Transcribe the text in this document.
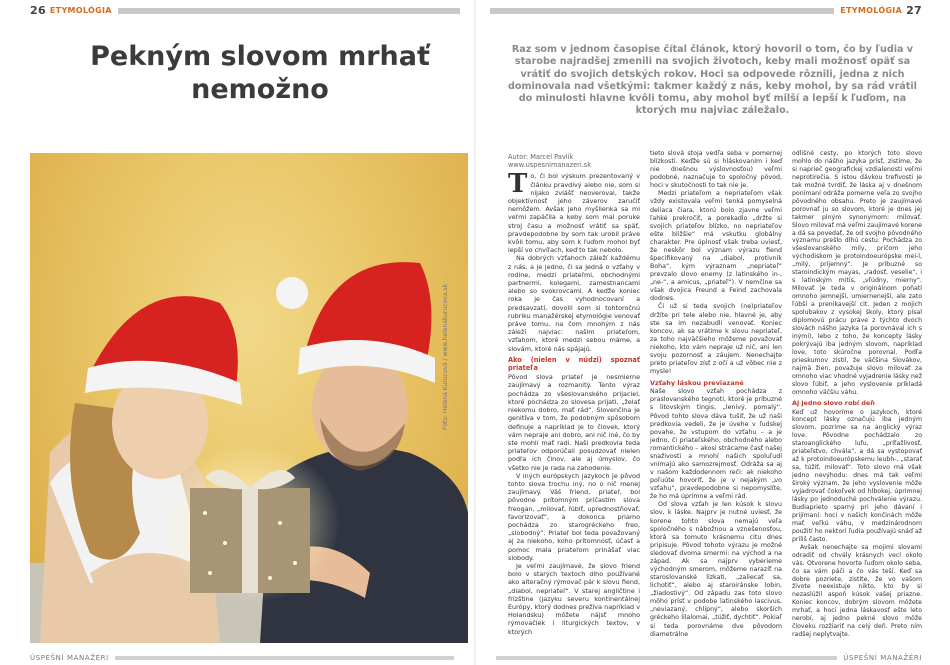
26 ETYMOLÓGIA	ETYMOLÓGIA 27
Pekným slovom mrhať
nemožno
Raz som v jednom časopise čítal článok, ktorý hovoril o tom, čo by ľudia v starobe najradšej zmenili na svojich životoch, keby mali možnosť opäť sa vrátiť do svojich detských rokov. Hoci sa odpovede rôznili, jedna z nich dominovala nad všetkými: takmer každý z nás, keby mohol, by sa rád vrátil do minulosti hlavne kvôli tomu, aby mohol byť milší a lepší k ľuďom, na ktorých mu najviac záležalo.
Foto: Helena Kurucová / www.helenakurucova.sk
Autor: Marcel Pavlík
www.uspesnimanazeri.sk

To, či bol výskum prezentovaný v článku pravdivý alebo nie, som si nijako zvlášť neoveroval, takže objektívnosť jeho záverov zaručiť nemôžem. Avšak jeho myšlienka sa mi veľmi zapáčila a keby som mal poruke stroj času a možnosť vrátiť sa späť, pravdepodobne by som tak urobil práve kvôli tomu, aby som k ľuďom mohol byť lepší vo chvíľach, keď to tak nebolo.

Na dobrých vzťahoch záleží každému z nás, a je jedno, či sa jedná o vzťahy v rodine, medzi priateľmi, obchodnými partnermi, kolegami, zamestnancami alebo so svokrovcami. A keďže koniec roka je čas vyhodnocovaní a predsavzatí, dovolil som si tohtoročnú rubriku manažérskej etymológie venovať práve tomu, na čom mnohým z nás záleží najviac: našim priateľom, vzťahom, ktoré medzi sebou máme, a slovám, ktoré nás spájajú.

Ako (nielen v núdzi) spoznať priateľa

Pôvod slova priateľ je nesmierne zaujímavý a rozmanitý. Tento výraz pochádza zo všeslovanského prijaciel, ktoré pochádza zo slovesa prijati, „želať niekomu dobro, mať rád“. Slovenčina je genitíva v tom, že podobným spôsobom definuje a napríklad je to človek, ktorý vám nepraje ani dobro, ani nič iné, čo by ste mohli mať radi. Naši predkovia teda priateľov odporúčali posudzovať nielen podľa ich činov, ale aj úmyslov, čo všetko nie je rada na zahodenie.

V iných európskych jazykoch je pôvod tohto slova trochu iný, no o nič menej zaujímavý. Váš friend, priateľ, bol pôvodne prítomným príčastím slova freogan, „milovať, ľúbiť, uprednostňovať, favorizovať“, a dokonca priamo pochádza zo starogréckeho freo, „slobodný“. Priateľ bol teda považovaný aj za niekoho, koho prítomnosť, účasť a pomoc mala priateľom prinášať viac slobody.

Je veľmi zaujímavé, že slovo friend bolo v starých textoch dlho používané ako alteračný rýmovač pár k slovu fiend, „diabol, nepriateľ“. V starej angličtine i frízštine (jazyku severu kontinentálnej Európy, ktorý dodnes prežíva napríklad v Holandsku) môžete nájsť mnoho rýmovačiek i liturgických textov, v ktorých

tieto slová stoja vedľa seba v pomernej blízkosti. Keďže sú si hláskovaním i keď nie dnešnou výslovnosťou) veľmi podobné, naznačuje to spoločný pôvod, hoci v skutočnosti to tak nie je.

Medzi priateľom a nepriateľom však vždy existovala veľmi tenká pomyselná deliaca čiara, ktorú bolo zjavne veľmi ľahké prekročiť, a porekadlo „držte si svojich priateľov blízko, no nepriateľov ešte bližšie“ má vskutku globálny charakter. Pre úplnosť však treba uviesť, že neskôr bol význam výrazu fiend špecifikovaný na „diabol, protivník Boha“, kým výraznam „nepriateľ“ prevzalo slovo enemy (z latinského in-, „ne-“, a amicus, „priateľ“). V nemčine sa však dvojica Freund a Feind zachovala dodnes.

Či už si teda svojich (ne)priateľov držíte pri tele alebo nie, hlavné je, aby ste sa im nezabudli venovať. Koniec koncov, ak sa vrátime k slovu nepriateľ, za toho najväčšieho môžeme považovať niekoho, kto vám nepraje už nič, ani len svoju pozornosť a záujem. Nenechajte preto priateľov zísť z očí a už vôbec nie z mysle!

Vzťahy láskou previazané

Naše slovo vzťah pochádza z praslovanského tegnoti, ktoré je príbuzné s litovským tingis, „lenivý, pomalý“. Pôvod tohto slova dáva tušiť, že už naši predkovia vedeli, že je úvehe v ľudskej povahe, že vstupom do vzťahu – a je jedno, či priateľského, obchodného alebo romantického – akosi strácame časť našej snaživosti a mnohí našich spoluľudí vnímajú ako samozrejmosť. Odráža sa aj v našom každodennom reči: ak niekoho poľuúte hovoríť, že je v nejakým „vo vzťahu“, pravdepodobne si nepomyslíte, že ho má úprimne a veľmi rád.

Od slova vzťah je len kúsok k slovu slov, k láske. Najprv je nutné uviesť, že korene tohto slova nemajú veľa spoločného s nábožnou a vznešenosťou, ktorá sa tomuto krásnemu citu dnes pripisuje. Pôvod tohoto výrazu je možné sledovať dvoma smermi: na východ a na západ. Ak sa najprv vyberieme východným smerom, môžeme narazíť na staroslovanské lizkati, „zaliecať sa, lichotiť“, alebo aj staroiránske lobin, „žiadostivý“. Od západu zas toto slovo môho prísť v podobe latinského lascivus, „neviazaný, chlipný“, alebo skorších gréckeho lilalomai, „túžiť, dychtiť“. Pokiaľ si teda porovnáme dve pôvodom diametrálne

odlišné cesty, po ktorých toto slovo mohlo do nášho jazyka prísť, zistíme, že si naprieč geografickej vzdialenosti veľmi neprotirečia. S istou dávkou trefivosti je tak možné tvrdiť, že láska aj v dnešnom ponímaní odráža pomerne veľa zo svojho pôvodného obsahu. Preto je zaujímavé porovnať ju so slovom, ktoré je dnes jej takmer plným synonymom: milovať. Slovo milovať má veľmi zaujímavé korene a dá sa povedať, že od svojho pôvodného významu prešlo dlhú cestu. Pochádza zo všeslovanského mily, pričom jeho východiskom je protoindoeurópske mei-l, „milý, príjemný“. Je príbuzné so staroindickým mayas, „radosť, veselie“, i s latinským mitis, „vľúdny, mierny“. Milovať je teda v originálnom poňatí omnoho jemnejší, umiernenejší, ale zato ľúbší a prenikavejší cit. Jeden z mojich spolubakov z vysokej školy, ktorý písal diplomovú prácu práve z týchto dvoch slovách nášho jazyka (a porovnával ich s inými), lebo z toho, že koncepty lásky pokrývajú iba jedným slovom, napríklad love, toto skúročne porovnal. Podľa prieskumov zistil, že väčšina Slovákov, najmä žien, považuje slovo milovať za omnoho viac vhodné vyjadrenie lásky než slovo ľúbiť, a jeho vyslovenie príkladá omnoho väčšiu váhu.

Aj jedno slovo robí deň

Keď už hovoríme o jazykoch, ktoré koncept lásky označujú iba jedným slovom, pozrime sa na anglický výraz love. Pôvodne pochádzalo zo staroanglického lufu, „príťažlivosť, priateľstvo, chvála“, a dá sa vystopovať až k protoindoeurópskemu leubh-, „starať sa, túžiť, milovať“. Toto slovo má však jedno nevýhodu: dnes má tak veľmi široký význam, že jeho vyslovenie môže vyjadrovať čokoľvek od hlbokej, úprimnej lásky po jednoduché pochválenie výrazu. Budiaprieto sparný pri jeho dávaní i prijímaní: hoci v našich končinách môže mať veľkú váhu, v medzinárodnom použití ho nektorí ľudia používajú snáď až príliš často.

Avšak nenechajte sa mojimi slovami odradiť od chvály krásnych vecí okolo vás. Otvorene hovorte ľuďom okolo seba, čo sa vám páči a čo vás teší. Keď sa dobre pozriete, zistíte, že vo vašom živote neexistuje nikto, kto by si nezaslúžil aspoň kúsok vašej priazne. Koniec koncov, dobrým slovom môžete mrhať, a hoci jedna láskavosť ešte leto nerobí, aj jedno pekné slovo môže človeku rozžiariť na celý deň. Preto ním radšej neplytvajte.

ÚSPEŠNÍ MANAŽÉRI	ÚSPEŠNÍ MANAŽÉRI
